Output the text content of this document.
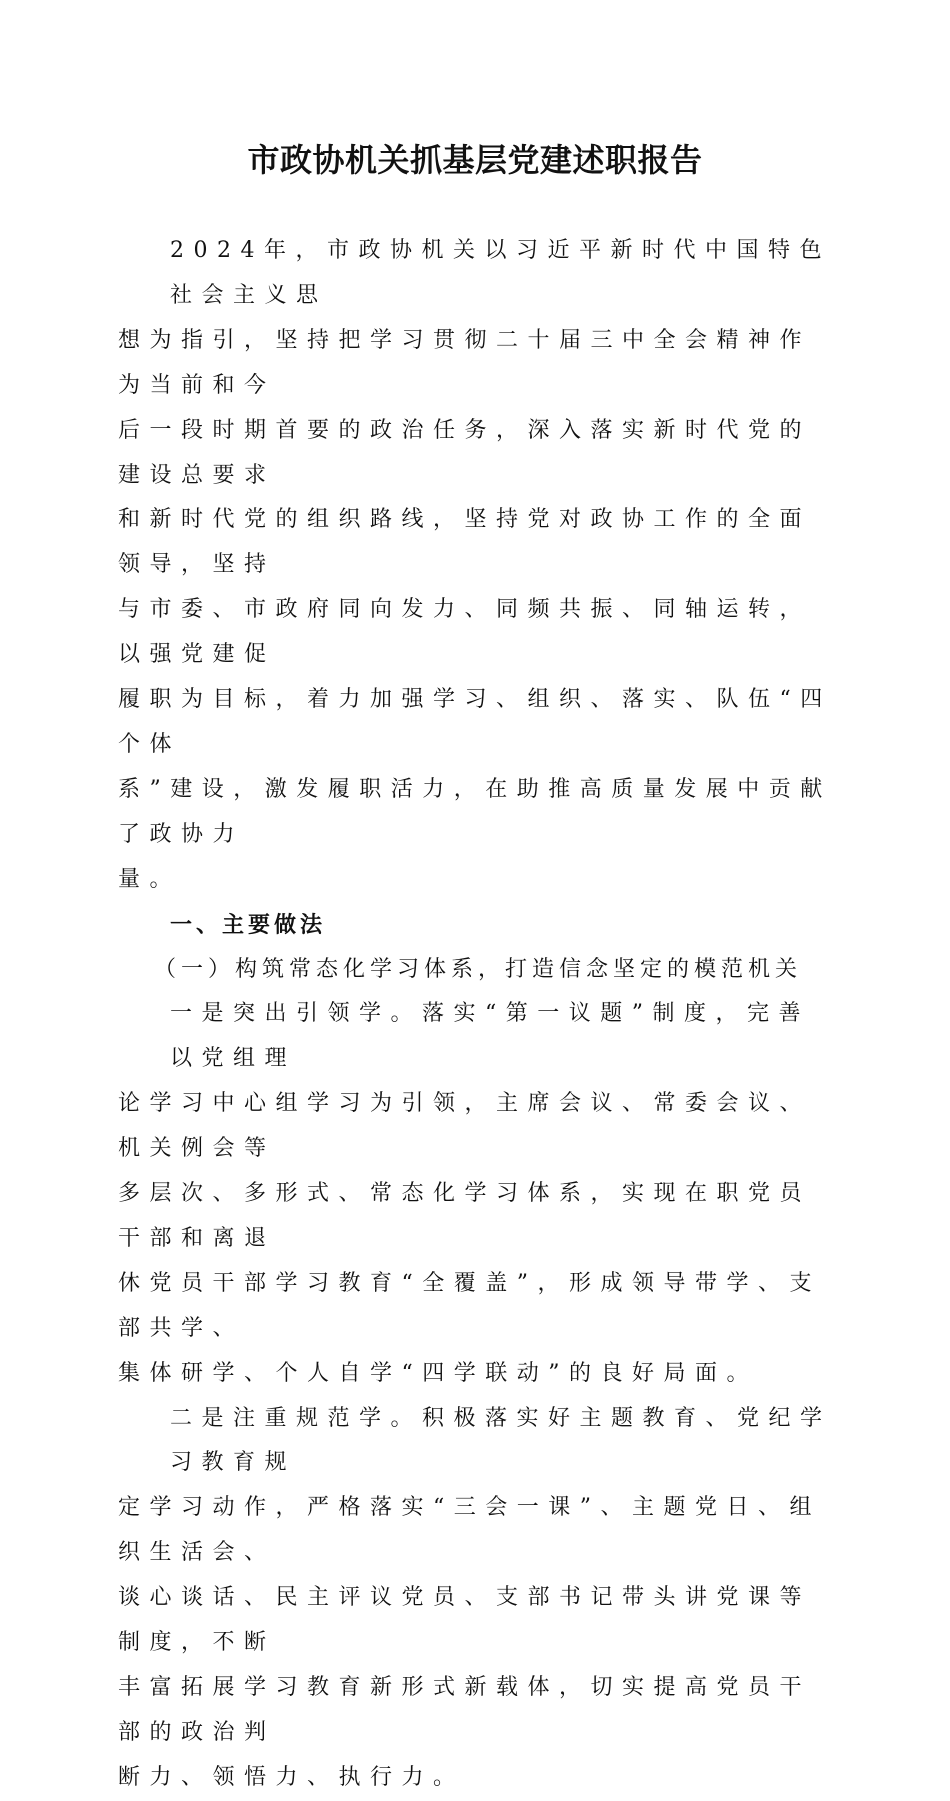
市政协机关抓基层党建述职报告
2024年，市政协机关以习近平新时代中国特色社会主义思
想为指引，坚持把学习贯彻二十届三中全会精神作为当前和今
后一段时期首要的政治任务，深入落实新时代党的建设总要求
和新时代党的组织路线，坚持党对政协工作的全面领导，坚持
与市委、市政府同向发力、同频共振、同轴运转，以强党建促
履职为目标，着力加强学习、组织、落实、队伍“四个体
系”建设，激发履职活力，在助推高质量发展中贡献了政协力
量。
一、主要做法
（一）构筑常态化学习体系，打造信念坚定的模范机关
一是突出引领学。落实“第一议题”制度，完善以党组理
论学习中心组学习为引领，主席会议、常委会议、机关例会等
多层次、多形式、常态化学习体系，实现在职党员干部和离退
休党员干部学习教育“全覆盖”，形成领导带学、支部共学、
集体研学、个人自学“四学联动”的良好局面。
二是注重规范学。积极落实好主题教育、党纪学习教育规
定学习动作，严格落实“三会一课”、主题党日、组织生活会、
谈心谈话、民主评议党员、支部书记带头讲党课等制度，不断
丰富拓展学习教育新形式新载体，切实提高党员干部的政治判
断力、领悟力、执行力。
